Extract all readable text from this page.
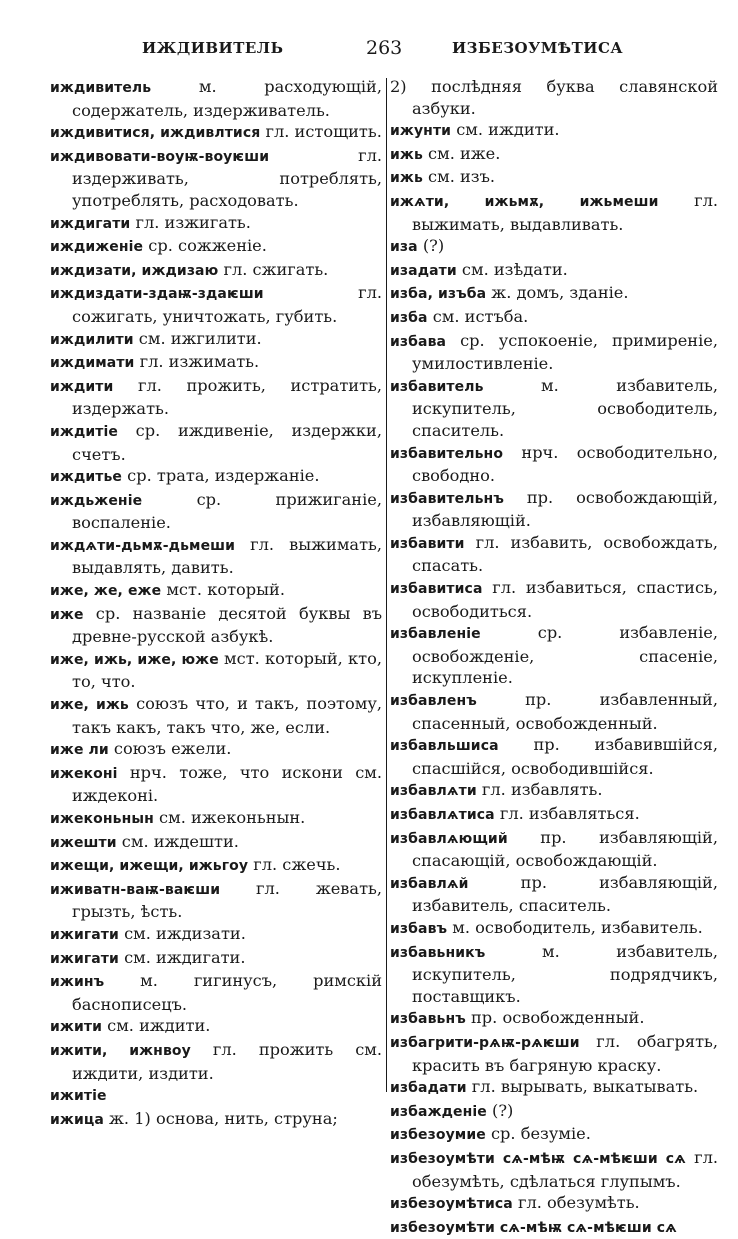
ИЖДИВИТЕЛЬ	263	ИЗБЕЗОУМѢТИСА

иждивитель м. расходующій, содержатель, издерживатель.

иждивитися, иждивлтися гл. истощить.

иждивовати-воуѭ-воуѥши гл. издерживать, потреблять, употреблять, расходовать.

иждигати гл. изжигать.

иждиженіе ср. сожженіе.

иждизати, иждизаю гл. сжигать.

иждиздати-здаѭ-здаѥши гл. сожигать, уничтожать, губить.

иждилити см. ижгилити.

иждимати гл. изжимать.

иждити гл. прожить, истратить, издержать.

иждитіе ср. иждивеніе, издержки, счетъ.

иждитье ср. трата, издержаніе.

иждьженіе ср. прижиганіе, воспаленіе.

иждѧти-дьмѫ-дьмеши гл. выжимать, выдавлять, давить.

иже, же, еже мст. который.

иже ср. названіе десятой буквы въ древне-русской азбукѣ.

иже, ижь, иже, юже мст. который, кто, то, что.

иже, ижь союзъ что, и такъ, поэтому, такъ какъ, такъ что, же, если.

иже ли союзъ ежели.

ижеконі нрч. тоже, что искони см. иждеконі.

ижеконьнын см. ижеконьнын.

ижешти см. иждешти.

ижещи, ижещи, ижьгоу гл. сжечь.

иживатн-ваѭ-ваѥши гл. жевать, грызть, ѣсть.

ижигати см. иждизати.

ижигати см. иждигати.

ижинъ м. гигинусъ, римскій баснописецъ.

ижити см. иждити.

ижити, ижнвоу гл. прожить см. иждити, издити.

ижитіе

ижица ж. 1) основа, нить, струна;

2) послѣдняя буква славянской азбуки.

ижунти см. иждити.

ижь см. иже.

ижь см. изъ.

ижѧти, ижьмѫ, ижьмеши гл. выжимать, выдавливать.

иза (?)

изадати см. изѣдати.

изба, изъба ж. домъ, зданіе.

изба см. истъба.

избава ср. успокоеніе, примиреніе, умилостивленіе.

избавитель м. избавитель, искупитель, освободитель, спаситель.

избавительно нрч. освободительно, свободно.

избавительнъ пр. освобождающій, избавляющій.

избавити гл. избавить, освобождать, спасать.

избавитиса гл. избавиться, спастись, освободиться.

избавленіе ср. избавленіе, освобожденіе, спасеніе, искупленіе.

избавленъ пр. избавленный, спасенный, освобожденный.

избавльшиса пр. избавившійся, спасшійся, освободившійся.

избавлѧти гл. избавлять.

избавлѧтиса гл. избавляться.

избавлѧющий пр. избавляющій, спасающій, освобождающій.

избавлѧй пр. избавляющій, избавитель, спаситель.

избавъ м. освободитель, избавитель.

избавьникъ м. избавитель, искупитель, подрядчикъ, поставщикъ.

избавьнъ пр. освобожденный.

избагрити-рѧѭ-рѧѥши гл. обагрять, красить въ багряную краску.

избадати гл. вырывать, выкатывать.

избажденіе (?)

избезоумие ср. безуміе.

избезоумѣти сѧ-мѣѭ сѧ-мѣѥши сѧ гл. обезумѣть, сдѣлаться глупымъ.

избезоумѣтиса гл. обезумѣть.

избезоумѣти сѧ-мѣѭ сѧ-мѣѥши сѧ
